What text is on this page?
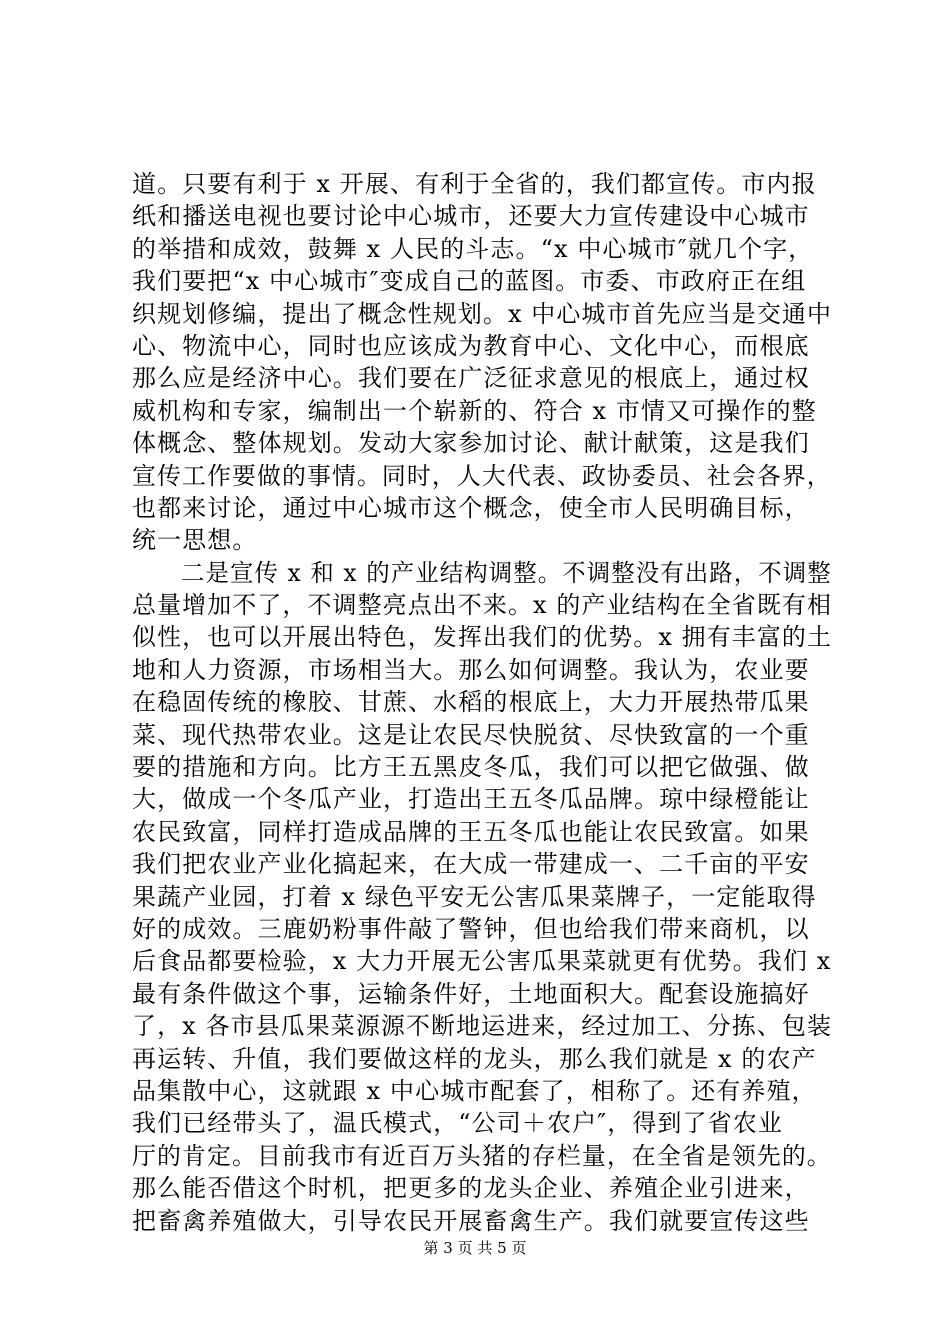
道。只要有利于 x 开展、有利于全省的，我们都宣传。市内报
纸和播送电视也要讨论中心城市，还要大力宣传建设中心城市
的举措和成效，鼓舞 x 人民的斗志。“x 中心城市″就几个字，
我们要把“x 中心城市″变成自己的蓝图。市委、市政府正在组
织规划修编，提出了概念性规划。x 中心城市首先应当是交通中
心、物流中心，同时也应该成为教育中心、文化中心，而根底
那么应是经济中心。我们要在广泛征求意见的根底上，通过权
威机构和专家，编制出一个崭新的、符合 x 市情又可操作的整
体概念、整体规划。发动大家参加讨论、献计献策，这是我们
宣传工作要做的事情。同时，人大代表、政协委员、社会各界，
也都来讨论，通过中心城市这个概念，使全市人民明确目标，
统一思想。
　　二是宣传 x 和 x 的产业结构调整。不调整没有出路，不调整
总量增加不了，不调整亮点出不来。x 的产业结构在全省既有相
似性，也可以开展出特色，发挥出我们的优势。x 拥有丰富的土
地和人力资源，市场相当大。那么如何调整。我认为，农业要
在稳固传统的橡胶、甘蔗、水稻的根底上，大力开展热带瓜果
菜、现代热带农业。这是让农民尽快脱贫、尽快致富的一个重
要的措施和方向。比方王五黑皮冬瓜，我们可以把它做强、做
大，做成一个冬瓜产业，打造出王五冬瓜品牌。琼中绿橙能让
农民致富，同样打造成品牌的王五冬瓜也能让农民致富。如果
我们把农业产业化搞起来，在大成一带建成一、二千亩的平安
果蔬产业园，打着 x 绿色平安无公害瓜果菜牌子，一定能取得
好的成效。三鹿奶粉事件敲了警钟，但也给我们带来商机，以
后食品都要检验，x 大力开展无公害瓜果菜就更有优势。我们 x
最有条件做这个事，运输条件好，土地面积大。配套设施搞好
了，x 各市县瓜果菜源源不断地运进来，经过加工、分拣、包装
再运转、升值，我们要做这样的龙头，那么我们就是 x 的农产
品集散中心，这就跟 x 中心城市配套了，相称了。还有养殖，
我们已经带头了，温氏模式，“公司＋农户″，得到了省农业
厅的肯定。目前我市有近百万头猪的存栏量，在全省是领先的。
那么能否借这个时机，把更多的龙头企业、养殖企业引进来，
把畜禽养殖做大，引导农民开展畜禽生产。我们就要宣传这些
第 3 页 共 5 页
